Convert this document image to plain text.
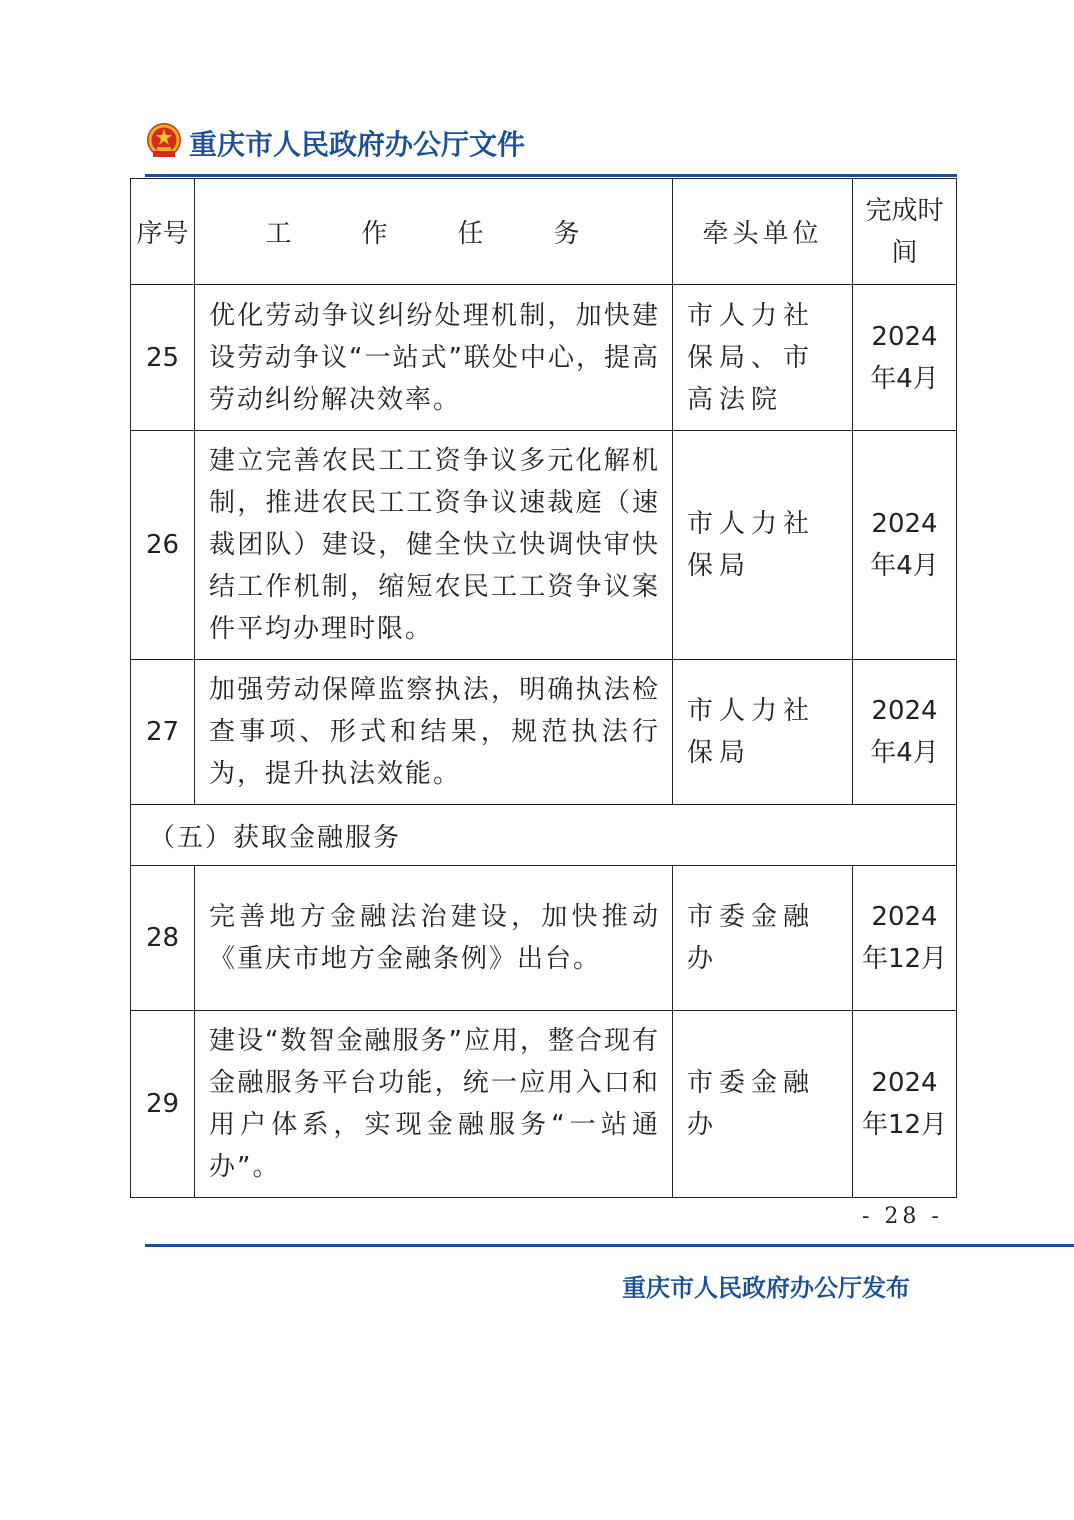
重庆市人民政府办公厅文件
序号	工　作　任　务	牵头单位	完成时间
25	优化劳动争议纠纷处理机制，加快建设劳动争议“一站式”联处中心，提高劳动纠纷解决效率。	市人力社保局、市高法院	2024年4月
26	建立完善农民工工资争议多元化解机制，推进农民工工资争议速裁庭（速裁团队）建设，健全快立快调快审快结工作机制，缩短农民工工资争议案件平均办理时限。	市人力社保局	2024年4月
27	加强劳动保障监察执法，明确执法检查事项、形式和结果，规范执法行为，提升执法效能。	市人力社保局	2024年4月
（五）获取金融服务			
28	完善地方金融法治建设，加快推动《重庆市地方金融条例》出台。	市委金融办	2024年12月
29	建设“数智金融服务”应用，整合现有金融服务平台功能，统一应用入口和用户体系，实现金融服务“一站通办”。	市委金融办	2024年12月
- 28 -
重庆市人民政府办公厅发布
